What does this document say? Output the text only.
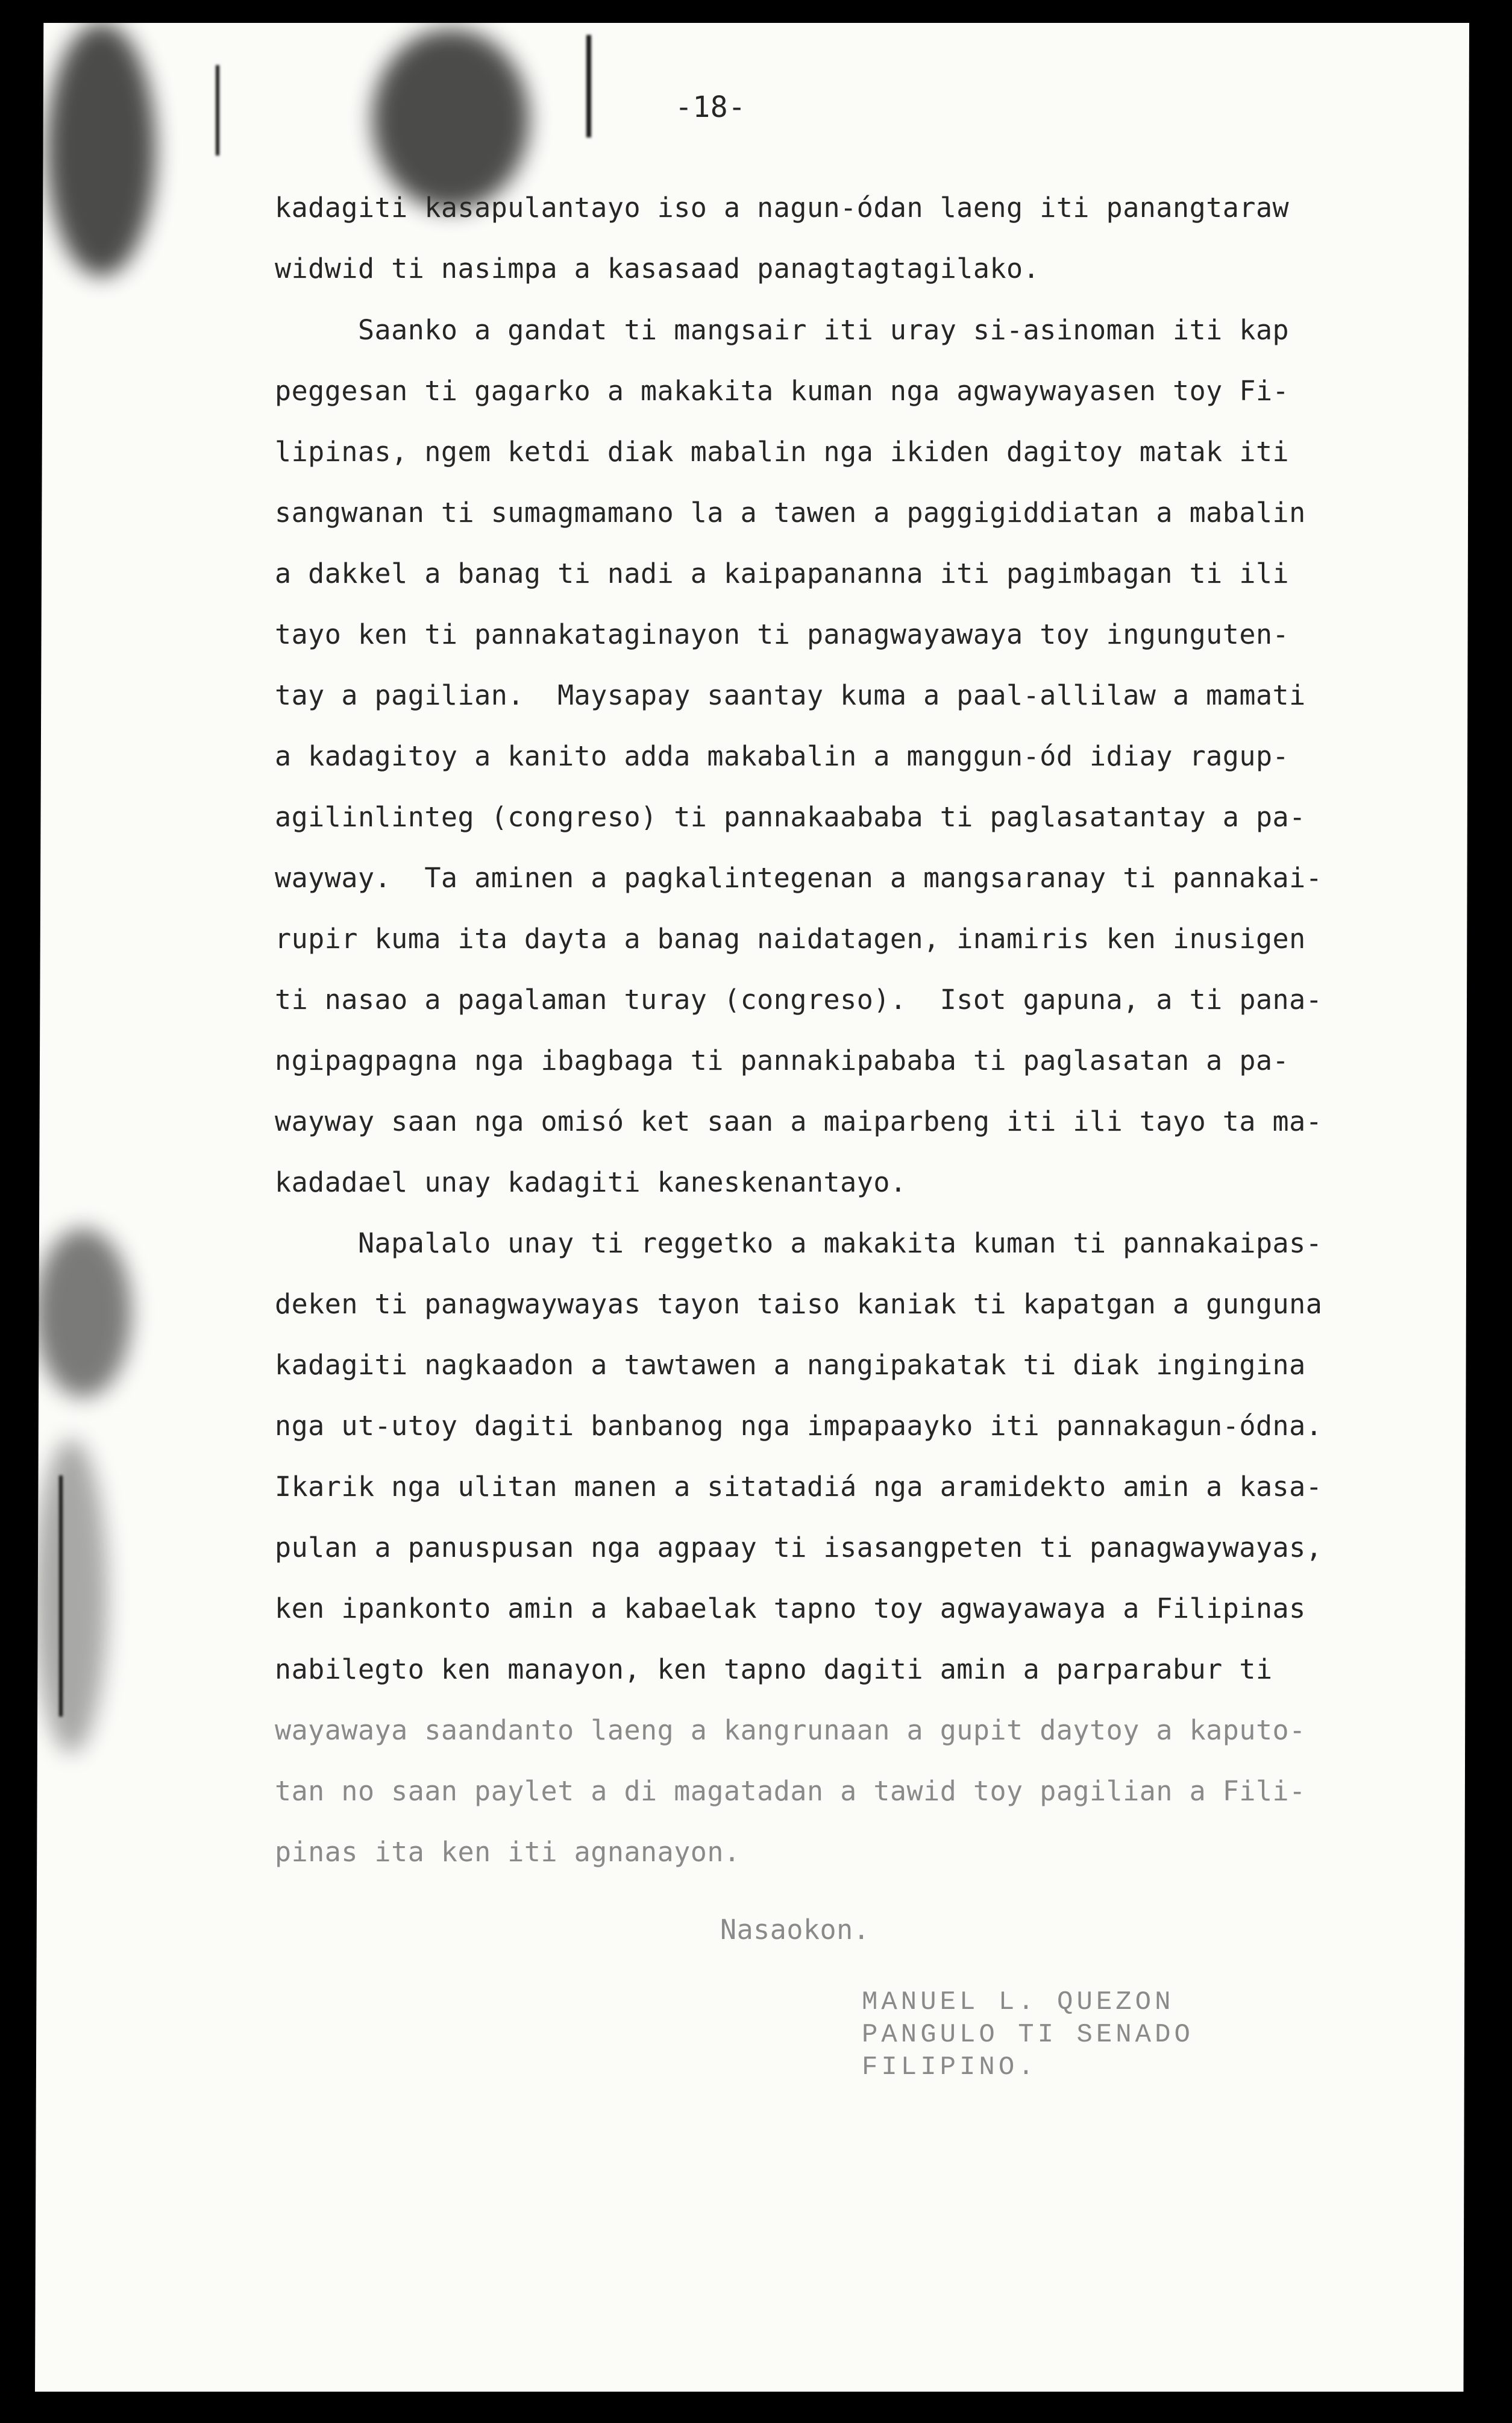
-18-
kadagiti kasapulantayo iso a nagun-ódan laeng iti panangtaraw
widwid ti nasimpa a kasasaad panagtagtagilako.
Saanko a gandat ti mangsair iti uray si-asinoman iti kap
peggesan ti gagarko a makakita kuman nga agwaywayasen toy Fi-
lipinas, ngem ketdi diak mabalin nga ikiden dagitoy matak iti
sangwanan ti sumagmamano la a tawen a paggigiddiatan a mabalin
a dakkel a banag ti nadi a kaipapananna iti pagimbagan ti ili
tayo ken ti pannakataginayon ti panagwayawaya toy ingunguten-
tay a pagilian.  Maysapay saantay kuma a paal-allilaw a mamati
a kadagitoy a kanito adda makabalin a manggun-ód idiay ragup-
agilinlinteg (congreso) ti pannakaababa ti paglasatantay a pa-
wayway.  Ta aminen a pagkalintegenan a mangsaranay ti pannakai-
rupir kuma ita dayta a banag naidatagen, inamiris ken inusigen
ti nasao a pagalaman turay (congreso).  Isot gapuna, a ti pana-
ngipagpagna nga ibagbaga ti pannakipababa ti paglasatan a pa-
wayway saan nga omisó ket saan a maiparbeng iti ili tayo ta ma-
kadadael unay kadagiti kaneskenantayo.
Napalalo unay ti reggetko a makakita kuman ti pannakaipas-
deken ti panagwaywayas tayon taiso kaniak ti kapatgan a gunguna
kadagiti nagkaadon a tawtawen a nangipakatak ti diak ingingina
nga ut-utoy dagiti banbanog nga impapaayko iti pannakagun-ódna.
Ikarik nga ulitan manen a sitatadiá nga aramidekto amin a kasa-
pulan a panuspusan nga agpaay ti isasangpeten ti panagwaywayas,
ken ipankonto amin a kabaelak tapno toy agwayawaya a Filipinas
nabilegto ken manayon, ken tapno dagiti amin a parparabur ti
wayawaya saandanto laeng a kangrunaan a gupit daytoy a kaputo-
tan no saan paylet a di magatadan a tawid toy pagilian a Fili-
pinas ita ken iti agnanayon.
Nasaokon.
MANUEL L. QUEZON
PANGULO TI SENADO
FILIPINO.
